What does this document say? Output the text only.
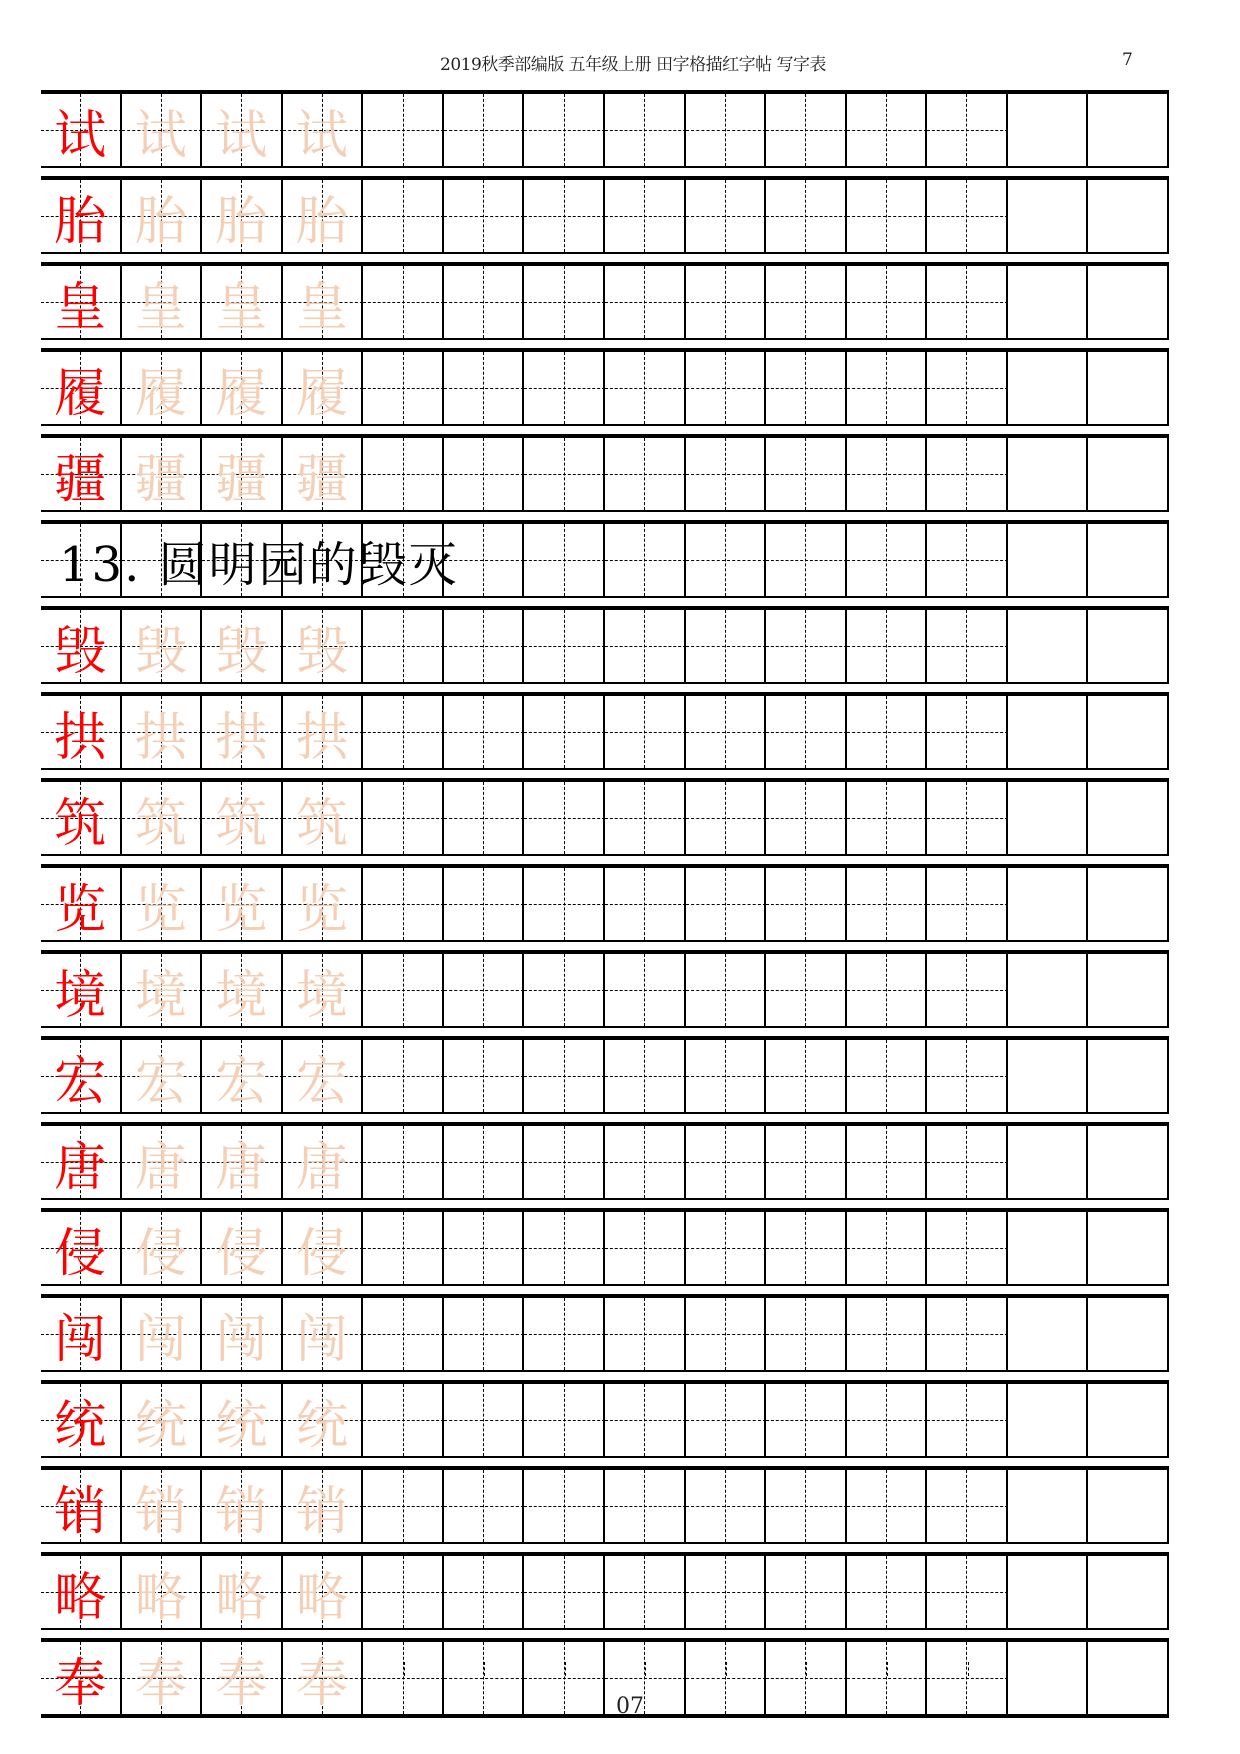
2019秋季部编版 五年级上册 田字格描红字帖 写字表	7
试 试 试 试
胎 胎 胎 胎
皇 皇 皇 皇
履 履 履 履
疆 疆 疆 疆
13. 圆明园的毁灭
毁 毁 毁 毁
拱 拱 拱 拱
筑 筑 筑 筑
览 览 览 览
境 境 境 境
宏 宏 宏 宏
唐 唐 唐 唐
侵 侵 侵 侵
闯 闯 闯 闯
统 统 统 统
销 销 销 销
略 略 略 略
奉 奉 奉 奉	07
